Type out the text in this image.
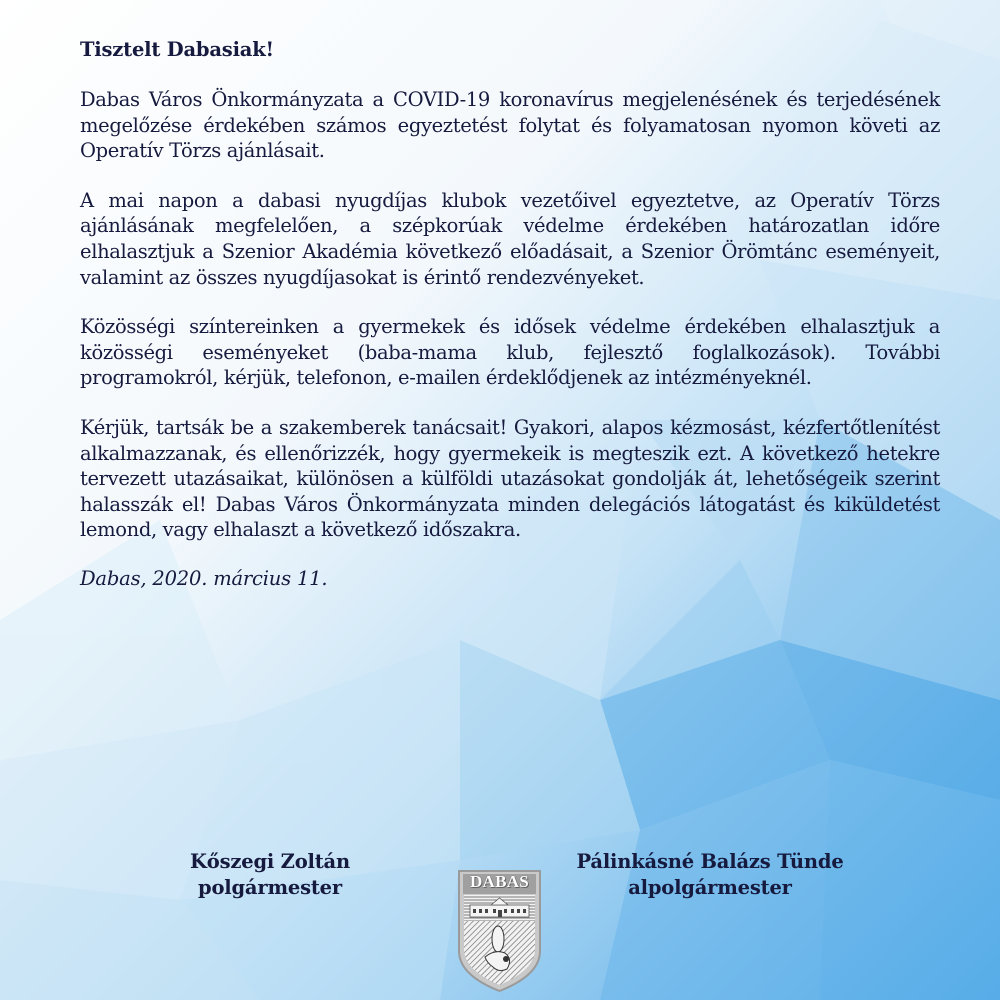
Tisztelt Dabasiak!

Dabas Város Önkormányzata a COVID-19 koronavírus megjelenésének és terjedésének megelőzése érdekében számos egyeztetést folytat és folyamatosan nyomon követi az Operatív Törzs ajánlásait.

A mai napon a dabasi nyugdíjas klubok vezetőivel egyeztetve, az Operatív Törzs ajánlásának megfelelően, a szépkorúak védelme érdekében határozatlan időre elhalasztjuk a Szenior Akadémia következő előadásait, a Szenior Örömtánc eseményeit, valamint az összes nyugdíjasokat is érintő rendezvényeket.

Közösségi színtereinken a gyermekek és idősek védelme érdekében elhalasztjuk a közösségi eseményeket (baba-mama klub, fejlesztő foglalkozások). További programokról, kérjük, telefonon, e-mailen érdeklődjenek az intézményeknél.

Kérjük, tartsák be a szakemberek tanácsait! Gyakori, alapos kézmosást, kézfertőtlenítést alkalmazzanak, és ellenőrizzék, hogy gyermekeik is megteszik ezt. A következő hetekre tervezett utazásaikat, különösen a külföldi utazásokat gondolják át, lehetőségeik szerint halasszák el! Dabas Város Önkormányzata minden delegációs látogatást és kiküldetést lemond, vagy elhalaszt a következő időszakra.

Dabas, 2020. március 11.

Kőszegi Zoltán
polgármester	DABAS
Pálinkásné Balázs Tünde
alpolgármester
